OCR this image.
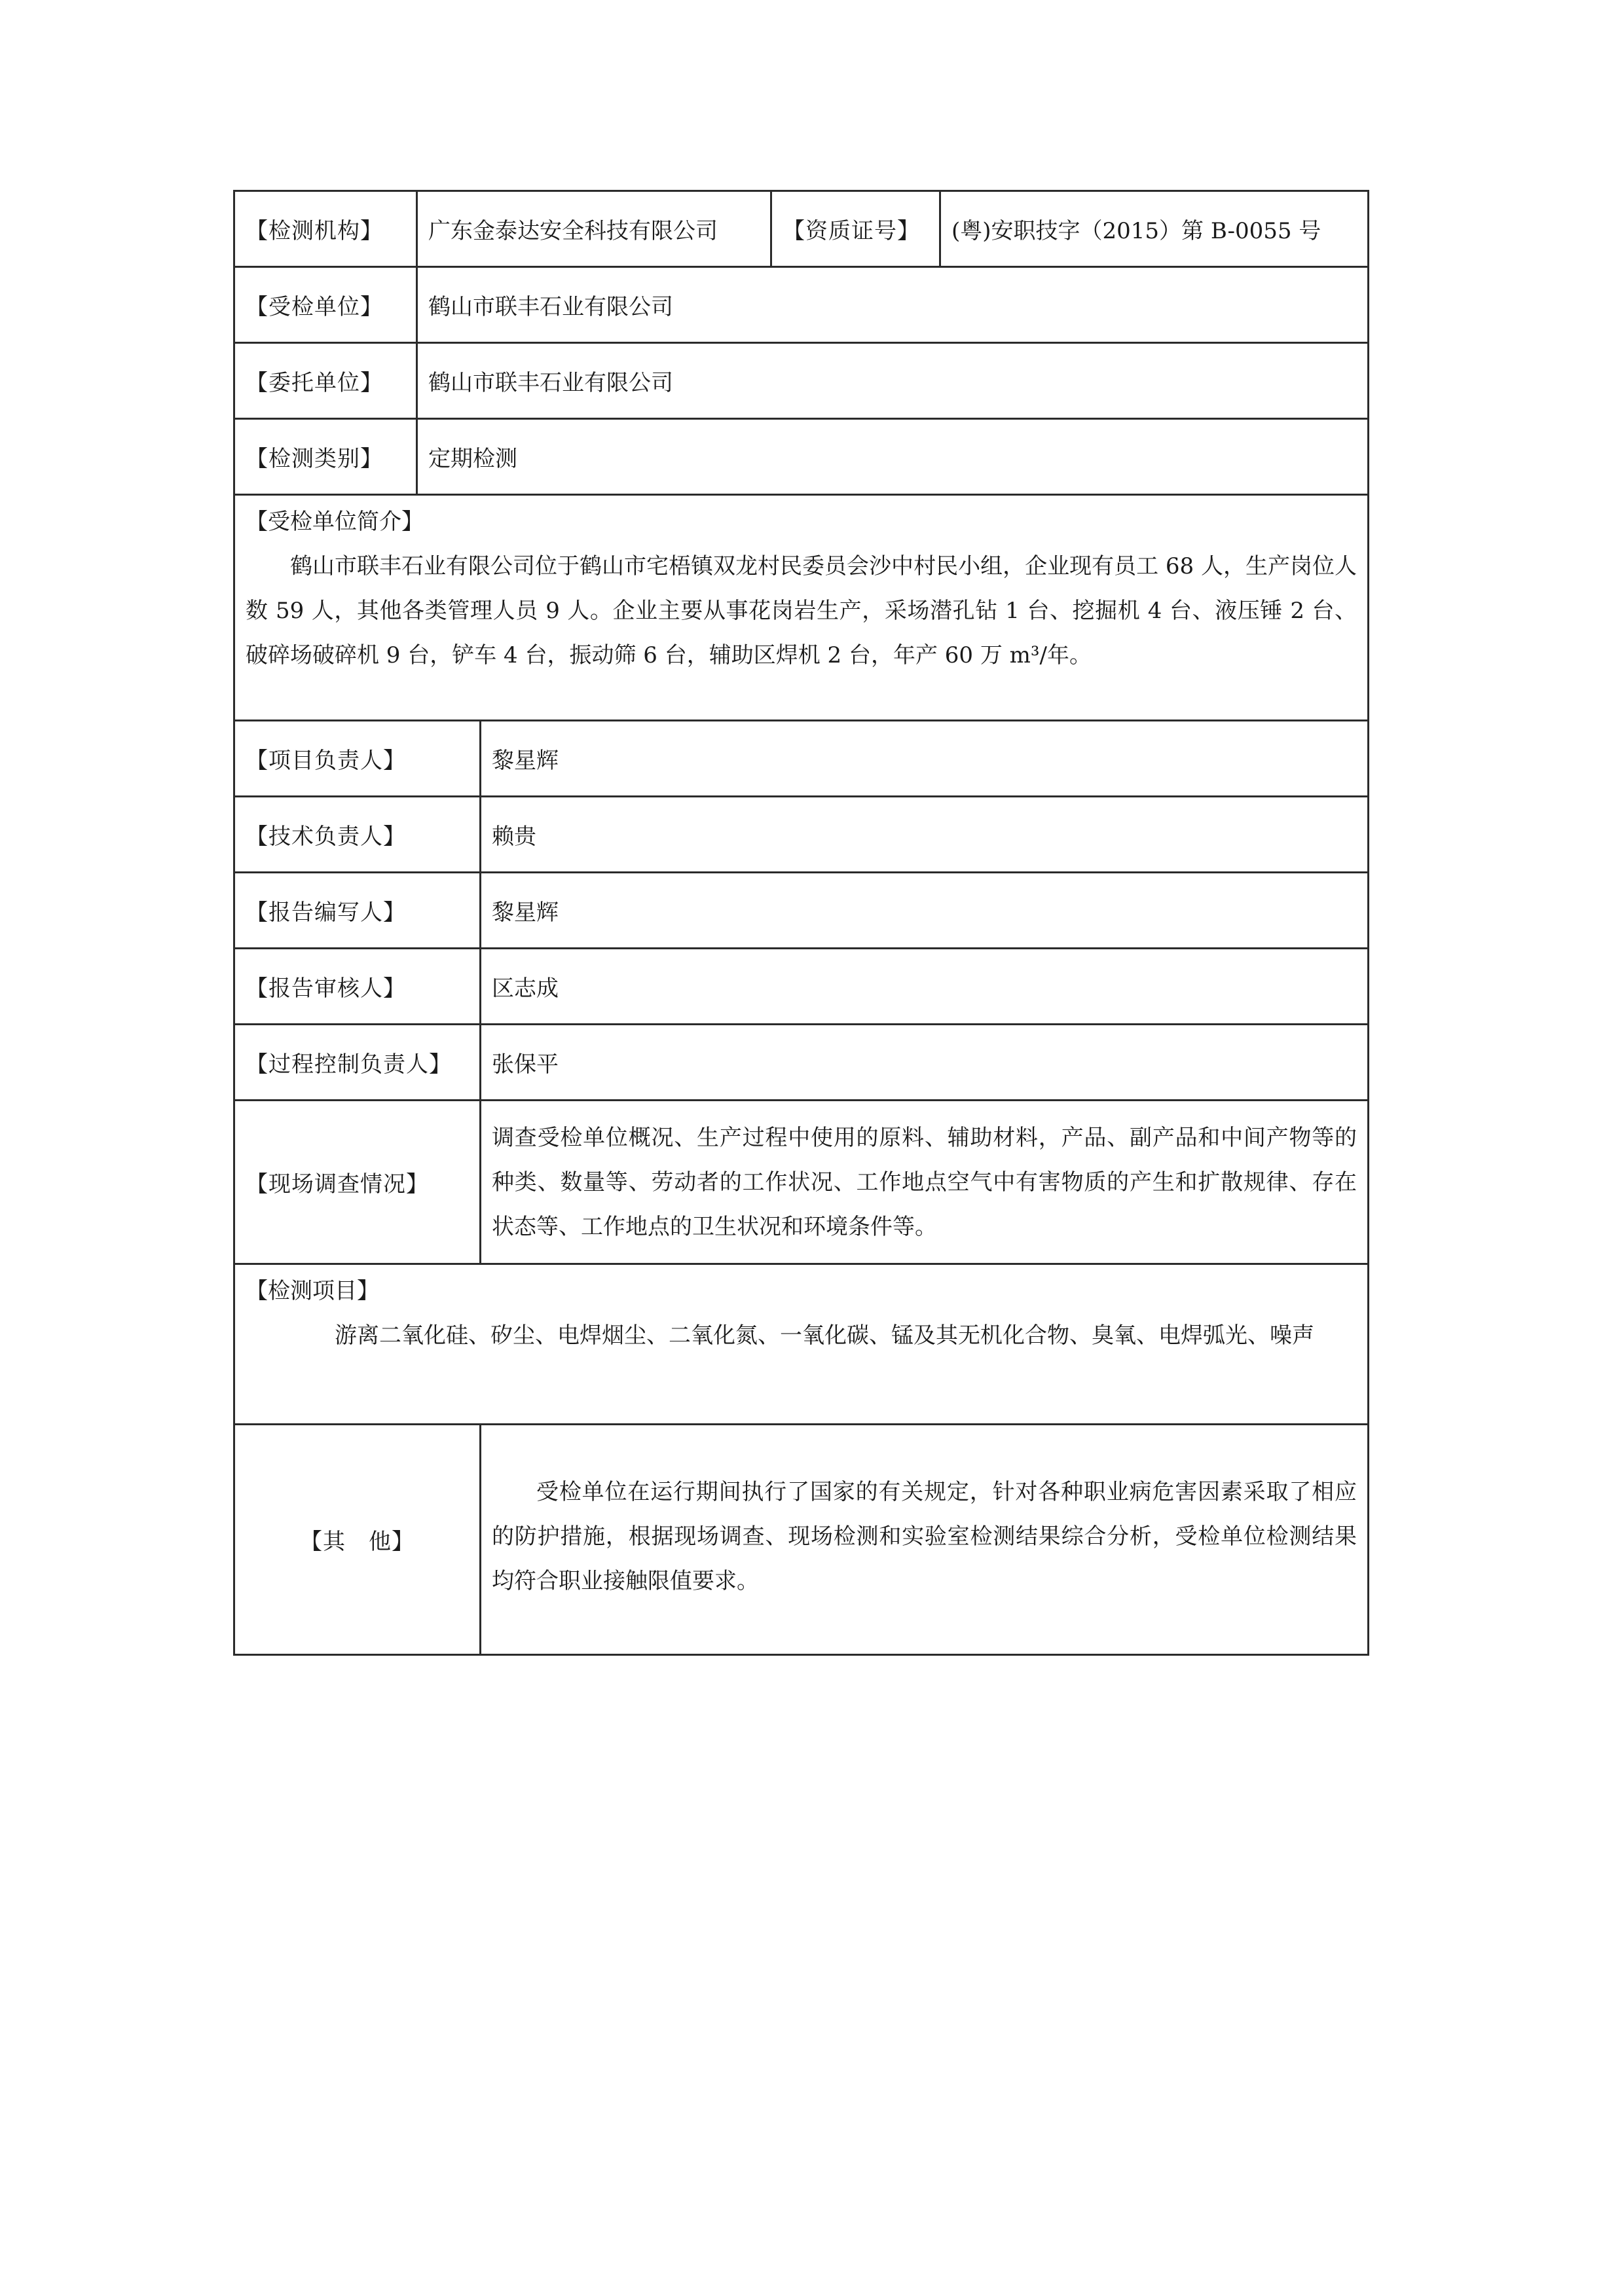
【检测机构】	广东金泰达安全科技有限公司		【资质证号】	(粤)安职技字（2015）第 B-0055 号
【受检单位】	鹤山市联丰石业有限公司			
【委托单位】	鹤山市联丰石业有限公司			
【检测类别】	定期检测			

【受检单位简介】
鹤山市联丰石业有限公司位于鹤山市宅梧镇双龙村民委员会沙中村民小组，企业现有员工 68 人，生产岗位人数 59 人，其他各类管理人员 9 人。企业主要从事花岗岩生产，采场潜孔钻 1 台、挖掘机 4 台、液压锤 2 台、破碎场破碎机 9 台，铲车 4 台，振动筛 6 台，辅助区焊机 2 台，年产 60 万 m³/年。				

【项目负责人】		黎星辉		
【技术负责人】		赖贵		
【报告编写人】		黎星辉		
【报告审核人】		区志成		
【过程控制负责人】		张保平		
【现场调查情况】		调查受检单位概况、生产过程中使用的原料、辅助材料，产品、副产品和中间产物等的种类、数量等、劳动者的工作状况、工作地点空气中有害物质的产生和扩散规律、存在状态等、工作地点的卫生状况和环境条件等。		

【检测项目】
游离二氧化硅、矽尘、电焊烟尘、二氧化氮、一氧化碳、锰及其无机化合物、臭氧、电焊弧光、噪声				

【其　他】		受检单位在运行期间执行了国家的有关规定，针对各种职业病危害因素采取了相应的防护措施，根据现场调查、现场检测和实验室检测结果综合分析，受检单位检测结果均符合职业接触限值要求。		
